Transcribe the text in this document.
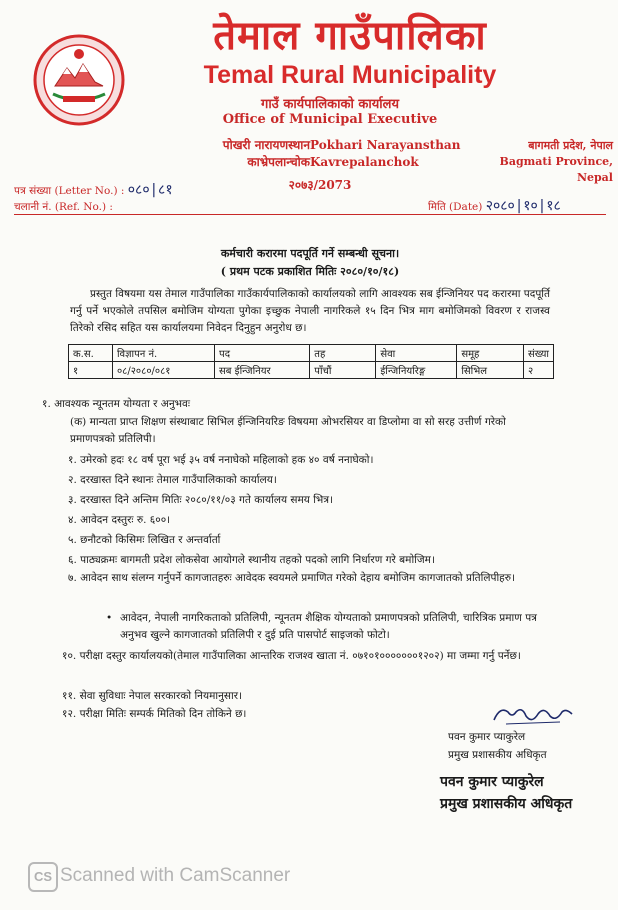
तेमाल गाउँपालिका
Temal Rural Municipality
गाउँ कार्यपालिकाको कार्यालय
Office of Municipal Executive
पोखरी नारायणस्थान
काभ्रेपलान्चोक
Pokhari Narayansthan
Kavrepalanchok
२०७३/2073
बागमती प्रदेश, नेपाल
Bagmati Province, Nepal
पत्र संख्या (Letter No.) : ०८०|८१
चलानी नं. (Ref. No.) :	मिति (Date) २०८०|१०|१८
कर्मचारी करारमा पदपूर्ति गर्ने सम्बन्धी सूचना।
( प्रथम पटक प्रकाशित मितिः २०८०/१०/१८)
प्रस्तुत विषयमा यस तेमाल गाउँपालिका गाउँकार्यपालिकाको कार्यालयको लागि आवश्यक सब ईन्जिनियर पद करारमा पदपूर्ति गर्नु पर्ने भएकोले तपसिल बमोजिम योग्यता पुगेका इच्छुक नेपाली नागरिकले १५ दिन भित्र माग बमोजिमको विवरण र राजस्व तिरेको रसिद सहित यस कार्यालयमा निवेदन दिनुहुन अनुरोध छ।
क.स.	विज्ञापन नं.	पद	तह	सेवा	समूह	संख्या
१	०८/२०८०/०८१	सब ईन्जिनियर	पाँचौं	ईन्जिनियरिङ्ग	सिभिल	२
१. आवश्यक न्यूनतम योग्यता र अनुभवः
(क) मान्यता प्राप्त शिक्षण संस्थाबाट सिभिल ईन्जिनियरिङ विषयमा ओभरसियर वा डिप्लोमा वा सो सरह उत्तीर्ण गरेको प्रमाणपत्रको प्रतिलिपी।
१. उमेरको हदः १८ वर्ष पूरा भई ३५ वर्ष ननाघेको महिलाको हक ४० वर्ष ननाघेको।
२. दरखास्त दिने स्थानः तेमाल गाउँपालिकाको कार्यालय।
३. दरखास्त दिने अन्तिम मितिः २०८०/११/०३ गते कार्यालय समय भित्र।
४. आवेदन दस्तुरः रु. ६००।
५. छनौटको किसिमः लिखित र अन्तर्वार्ता
६. पाठ्यक्रमः बागमती प्रदेश लोकसेवा आयोगले स्थानीय तहको पदको लागि निर्धारण गरे बमोजिम।
७. आवेदन साथ संलग्न गर्नुपर्ने कागजातहरुः आवेदक स्वयमले प्रमाणित गरेको देहाय बमोजिम कागजातको प्रतिलिपीहरु।
• आवेदन, नेपाली नागरिकताको प्रतिलिपी, न्यूनतम शैक्षिक योग्यताको प्रमाणपत्रको प्रतिलिपी, चारित्रिक प्रमाण पत्र अनुभव खुल्ने कागजातको प्रतिलिपी र दुई प्रति पासपोर्ट साइजको फोटो।
१०. परीक्षा दस्तुर कार्यालयको(तेमाल गाउँपालिका आन्तरिक राजश्व खाता नं. ०७१०१०००००००१२०२) मा जम्मा गर्नु पर्नेछ।
११. सेवा सुविधाः नेपाल सरकारको नियमानुसार।
१२. परीक्षा मितिः सम्पर्क मितिको दिन तोकिने छ।
पवन कुमार प्याकुरेल
प्रमुख प्रशासकीय अधिकृत
पवन कुमार प्याकुरेल
प्रमुख प्रशासकीय अधिकृत
CS Scanned with CamScanner
